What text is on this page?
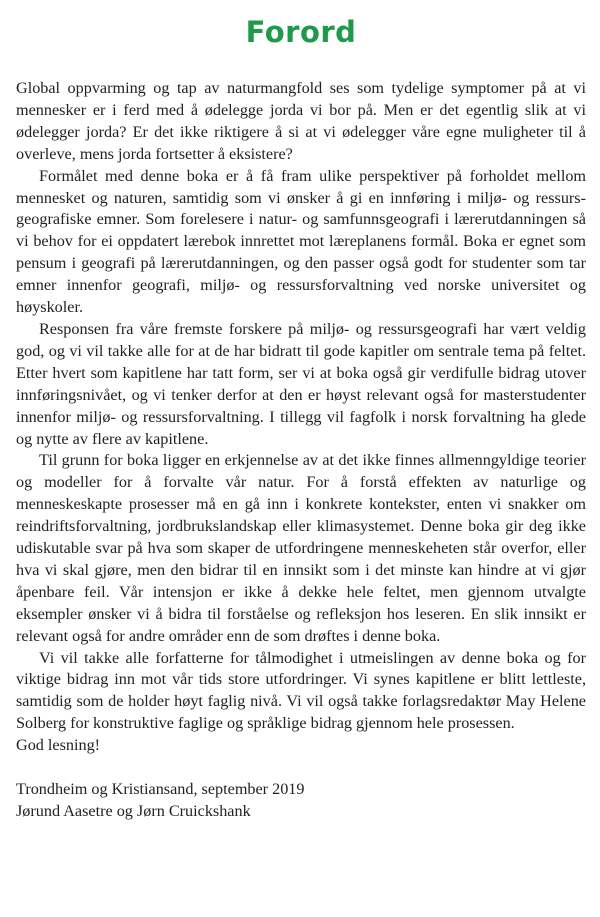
Forord

Global oppvarming og tap av naturmangfold ses som tydelige symptomer på at vi mennesker er i ferd med å ødelegge jorda vi bor på. Men er det egentlig slik at vi ødelegger jorda? Er det ikke riktigere å si at vi ødelegger våre egne muligheter til å overleve, mens jorda fortsetter å eksistere?

Formålet med denne boka er å få fram ulike perspektiver på forholdet mellom mennesket og naturen, samtidig som vi ønsker å gi en innføring i miljø- og ressursgeografiske emner. Som forelesere i natur- og samfunnsgeografi i lærerutdanningen så vi behov for ei oppdatert lærebok innrettet mot læreplanens formål. Boka er egnet som pensum i geografi på lærerutdanningen, og den passer også godt for studenter som tar emner innenfor geografi, miljø- og ressursforvaltning ved norske universitet og høyskoler.

Responsen fra våre fremste forskere på miljø- og ressursgeografi har vært veldig god, og vi vil takke alle for at de har bidratt til gode kapitler om sentrale tema på feltet. Etter hvert som kapitlene har tatt form, ser vi at boka også gir verdifulle bidrag utover innføringsnivået, og vi tenker derfor at den er høyst relevant også for masterstudenter innenfor miljø- og ressursforvaltning. I tillegg vil fagfolk i norsk forvaltning ha glede og nytte av flere av kapitlene.

Til grunn for boka ligger en erkjennelse av at det ikke finnes allmenngyldige teorier og modeller for å forvalte vår natur. For å forstå effekten av naturlige og menneskeskapte prosesser må en gå inn i konkrete kontekster, enten vi snakker om reindriftsforvaltning, jordbrukslandskap eller klimasystemet. Denne boka gir deg ikke udiskutable svar på hva som skaper de utfordringene menneskeheten står overfor, eller hva vi skal gjøre, men den bidrar til en innsikt som i det minste kan hindre at vi gjør åpenbare feil. Vår intensjon er ikke å dekke hele feltet, men gjennom utvalgte eksempler ønsker vi å bidra til forståelse og refleksjon hos leseren. En slik innsikt er relevant også for andre områder enn de som drøftes i denne boka.

Vi vil takke alle forfatterne for tålmodighet i utmeislingen av denne boka og for viktige bidrag inn mot vår tids store utfordringer. Vi synes kapitlene er blitt lettleste, samtidig som de holder høyt faglig nivå. Vi vil også takke forlagsredaktør May Helene Solberg for konstruktive faglige og språklige bidrag gjennom hele prosessen.

God lesning!

Trondheim og Kristiansand, september 2019
Jørund Aasetre og Jørn Cruickshank
